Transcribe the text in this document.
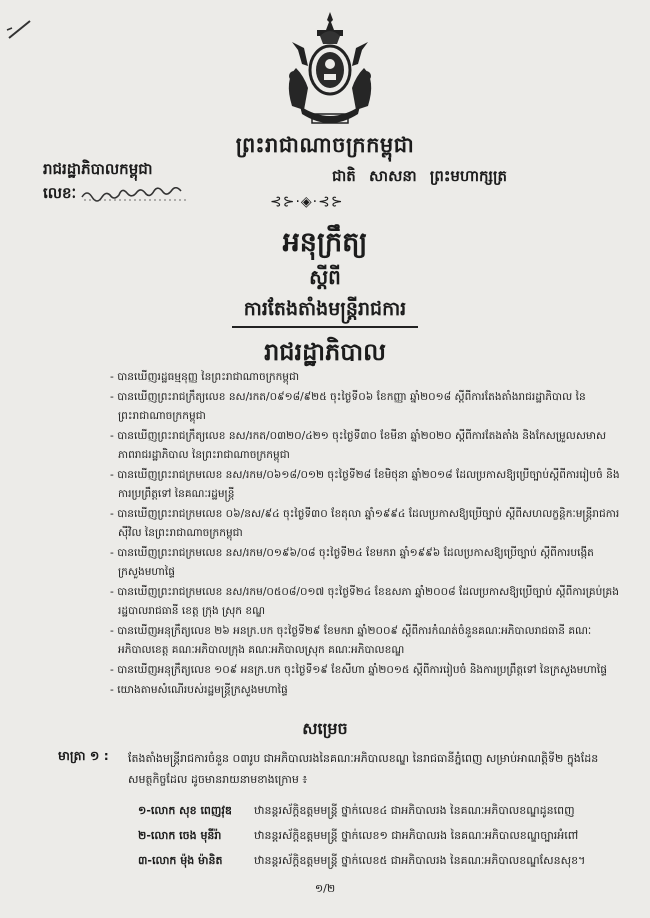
ព្រះរាជាណាចក្រកម្ពុជា
ជាតិ សាសនា ព្រះមហាក្សត្រ
រាជរដ្ឋាភិបាលកម្ពុជា
លេខៈ	⊰⊱·◈·⊰⊱
អនុក្រឹត្យ
ស្តីពី
ការតែងតាំងមន្ត្រីរាជការ
រាជរដ្ឋាភិបាល
- បានឃើញរដ្ឋធម្មនុញ្ញ នៃព្រះរាជាណាចក្រកម្ពុជា
- បានឃើញព្រះរាជក្រឹត្យលេខ នស/រកត/០៩១៨/៩២៥ ចុះថ្ងៃទី០៦ ខែកញ្ញា ឆ្នាំ២០១៨ ស្តីពីការតែងតាំងរាជរដ្ឋាភិបាល នៃព្រះរាជាណាចក្រកម្ពុជា
- បានឃើញព្រះរាជក្រឹត្យលេខ នស/រកត/០៣២០/៤២១ ចុះថ្ងៃទី៣០ ខែមីនា ឆ្នាំ២០២០ ស្តីពីការតែងតាំង និងកែសម្រួលសមាសភាពរាជរដ្ឋាភិបាល នៃព្រះរាជាណាចក្រកម្ពុជា
- បានឃើញព្រះរាជក្រមលេខ នស/រកម/០៦១៨/០១២ ចុះថ្ងៃទី២៨ ខែមិថុនា ឆ្នាំ២០១៨ ដែលប្រកាសឱ្យប្រើច្បាប់ស្តីពីការរៀបចំ និងការប្រព្រឹត្តទៅ នៃគណៈរដ្ឋមន្ត្រី
- បានឃើញព្រះរាជក្រមលេខ ០៦/នស/៩៤ ចុះថ្ងៃទី៣០ ខែតុលា ឆ្នាំ១៩៩៤ ដែលប្រកាសឱ្យប្រើច្បាប់ ស្តីពីសហលក្ខន្តិកៈមន្ត្រីរាជការស៊ីវិល នៃព្រះរាជាណាចក្រកម្ពុជា
- បានឃើញព្រះរាជក្រមលេខ នស/រកម/០១៩៦/០៨ ចុះថ្ងៃទី២៤ ខែមករា ឆ្នាំ១៩៩៦ ដែលប្រកាសឱ្យប្រើច្បាប់ ស្តីពីការបង្កើតក្រសួងមហាផ្ទៃ
- បានឃើញព្រះរាជក្រមលេខ នស/រកម/០៥០៨/០១៧ ចុះថ្ងៃទី២៤ ខែឧសភា ឆ្នាំ២០០៨ ដែលប្រកាសឱ្យប្រើច្បាប់ ស្តីពីការគ្រប់គ្រងរដ្ឋបាលរាជធានី ខេត្ត ក្រុង ស្រុក ខណ្ឌ
- បានឃើញអនុក្រឹត្យលេខ ២៦ អនក្រ.បក ចុះថ្ងៃទី២៩ ខែមករា ឆ្នាំ២០០៩ ស្តីពីការកំណត់ចំនួនគណៈអភិបាលរាជធានី គណៈអភិបាលខេត្ត គណៈអភិបាលក្រុង គណៈអភិបាលស្រុក គណៈអភិបាលខណ្ឌ
- បានឃើញអនុក្រឹត្យលេខ ១០៩ អនក្រ.បក ចុះថ្ងៃទី១៩ ខែសីហា ឆ្នាំ២០១៥ ស្តីពីការរៀបចំ និងការប្រព្រឹត្តទៅ នៃក្រសួងមហាផ្ទៃ
- យោងតាមសំណើរបស់រដ្ឋមន្ត្រីក្រសួងមហាផ្ទៃ
សម្រេច
មាត្រា ១ : តែងតាំងមន្ត្រីរាជការចំនួន ០៣រូប ជាអភិបាលរងនៃគណៈអភិបាលខណ្ឌ នៃរាជធានីភ្នំពេញ សម្រាប់អាណត្តិទី២ ក្នុងដែនសមត្ថកិច្ចដែល ដូចមានរាយនាមខាងក្រោម ៖
១-លោក សុខ ពេញវុឌ	ឋានន្តរស័ក្តិឧត្តមមន្ត្រី ថ្នាក់លេខ៤ ជាអភិបាលរង នៃគណៈអភិបាលខណ្ឌដូនពេញ
២-លោក ចេង មុនីរ៉ា	ឋានន្តរស័ក្តិឧត្តមមន្ត្រី ថ្នាក់លេខ១ ជាអភិបាលរង នៃគណៈអភិបាលខណ្ឌច្បារអំពៅ
៣-លោក ម៉ុង ម៉ានិត	ឋានន្តរស័ក្តិឧត្តមមន្ត្រី ថ្នាក់លេខ៥ ជាអភិបាលរង នៃគណៈអភិបាលខណ្ឌសែនសុខ។
១/២
